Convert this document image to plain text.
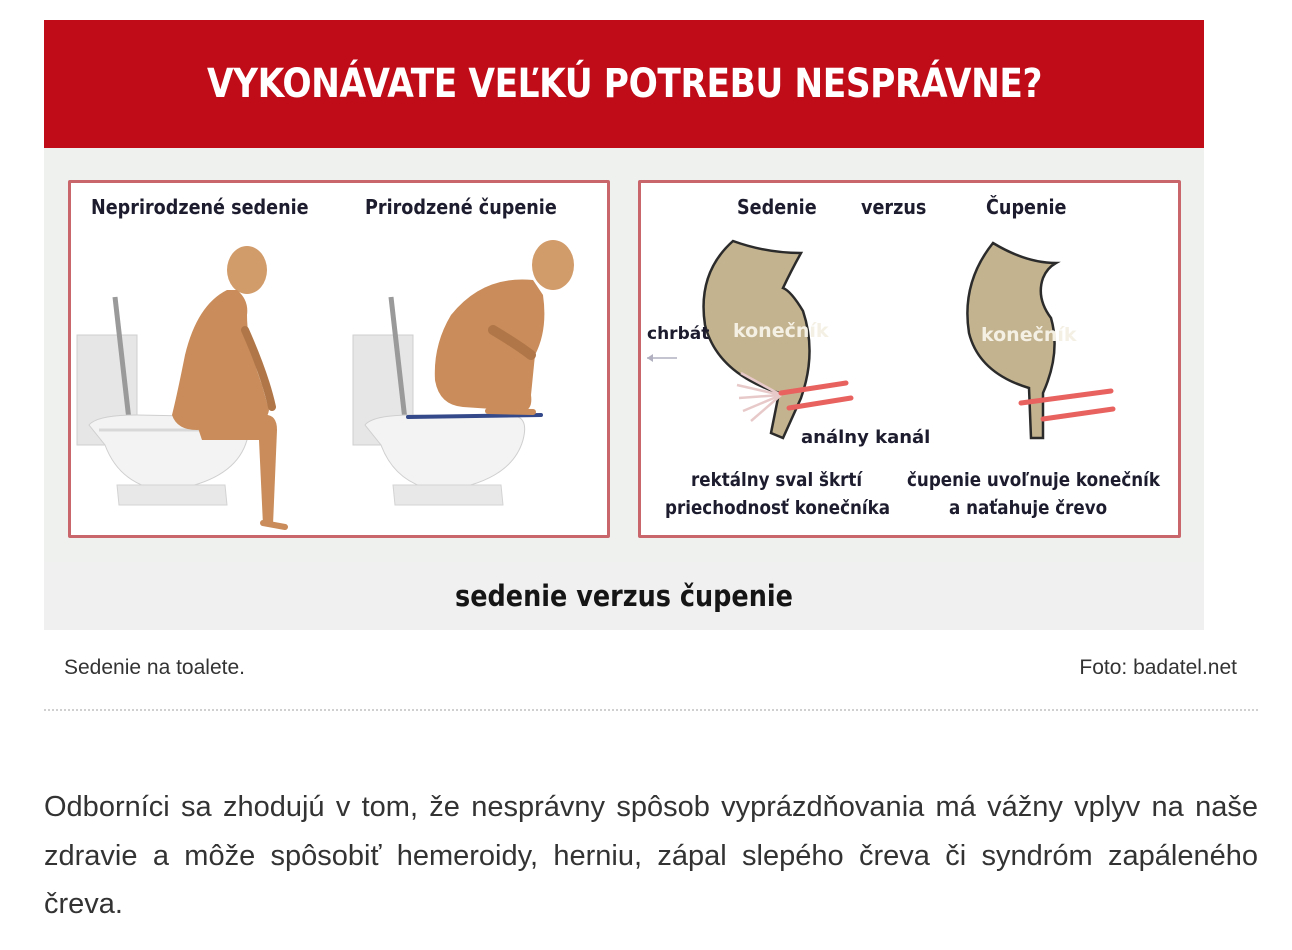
VYKONÁVATE VEĽKÚ POTREBU NESPRÁVNE?
Neprirodzené sedenie	Prirodzené čupenie	Sedenie verzus	Čupenie
chrbát konečník
análny kanál
konečník
rektálny sval škrtí
priechodnosť konečníka
čupenie uvoľnuje konečník
a naťahuje črevo
sedenie verzus čupenie
Sedenie na toalete.	Foto: badatel.net

Odborníci sa zhodujú v tom, že nesprávny spôsob vyprázdňovania má vážny vplyv na naše zdravie a môže spôsobiť hemeroidy, herniu, zápal slepého čreva či syndróm zapáleného čreva.
